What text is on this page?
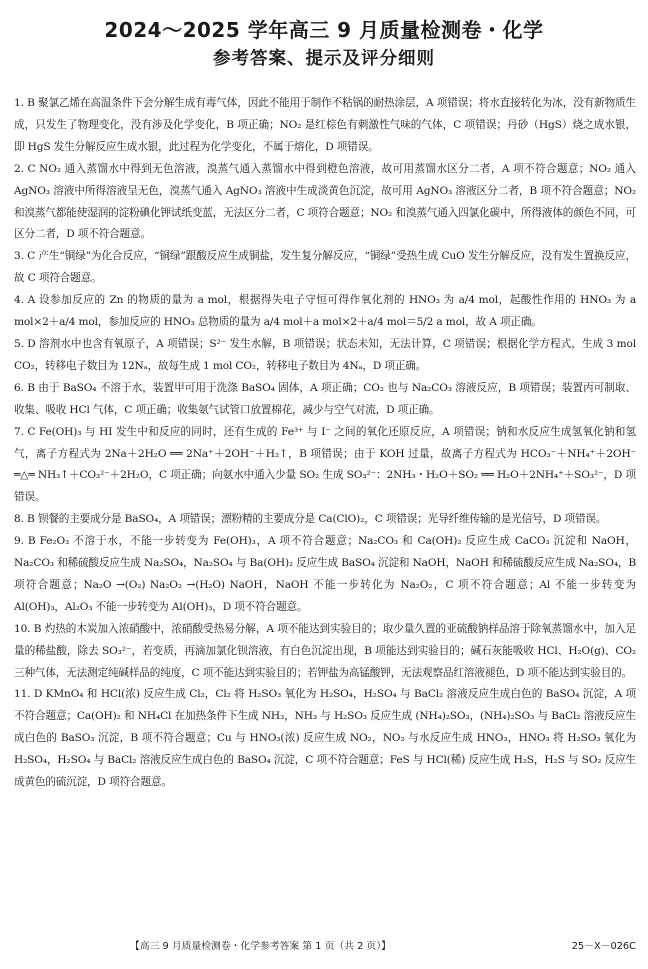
2024～2025 学年高三 9 月质量检测卷・化学
参考答案、提示及评分细则

1. B 聚氯乙烯在高温条件下会分解生成有毒气体，因此不能用于制作不粘锅的耐热涂层，A 项错误；将水直接转化为冰，没有新物质生成，只发生了物理变化，没有涉及化学变化，B 项正确；NO₂ 是红棕色有刺激性气味的气体，C 项错误；丹砂（HgS）烧之成水银，即 HgS 发生分解反应生成水银，此过程为化学变化，不属于熔化，D 项错误。

2. C NO₂ 通入蒸馏水中得到无色溶液，溴蒸气通入蒸馏水中得到橙色溶液，故可用蒸馏水区分二者，A 项不符合题意；NO₂ 通入 AgNO₃ 溶液中所得溶液呈无色，溴蒸气通入 AgNO₃ 溶液中生成淡黄色沉淀，故可用 AgNO₃ 溶液区分二者，B 项不符合题意；NO₂ 和溴蒸气都能使湿润的淀粉碘化钾试纸变蓝，无法区分二者，C 项符合题意；NO₂ 和溴蒸气通入四氯化碳中，所得液体的颜色不同，可区分二者，D 项不符合题意。

3. C 产生“铜绿”为化合反应，“铜绿”跟酸反应生成铜盐，发生复分解反应，“铜绿”受热生成 CuO 发生分解反应，没有发生置换反应，故 C 项符合题意。

4. A 设参加反应的 Zn 的物质的量为 a mol，根据得失电子守恒可得作氧化剂的 HNO₃ 为 a/4 mol，起酸性作用的 HNO₃ 为 a mol×2＋a/4 mol，参加反应的 HNO₃ 总物质的量为 a/4 mol＋a mol×2＋a/4 mol＝5/2 a mol，故 A 项正确。

5. D 溶剂水中也含有氧原子，A 项错误；S²⁻ 发生水解，B 项错误；状态未知，无法计算，C 项错误；根据化学方程式，生成 3 mol CO₂，转移电子数目为 12Nₐ，故每生成 1 mol CO₂，转移电子数目为 4Nₐ，D 项正确。

6. B 由于 BaSO₄ 不溶于水，装置甲可用于洗涤 BaSO₄ 固体，A 项正确；CO₂ 也与 Na₂CO₃ 溶液反应，B 项错误；装置丙可制取、收集、吸收 HCl 气体，C 项正确；收集氨气试管口放置棉花，减少与空气对流，D 项正确。

7. C Fe(OH)₃ 与 HI 发生中和反应的同时，还有生成的 Fe³⁺ 与 I⁻ 之间的氧化还原反应，A 项错误；钠和水反应生成氢氧化钠和氢气，离子方程式为 2Na＋2H₂O ══ 2Na⁺＋2OH⁻＋H₂↑，B 项错误；由于 KOH 过量，故离子方程式为 HCO₃⁻＋NH₄⁺＋2OH⁻ ═△═ NH₃↑＋CO₃²⁻＋2H₂O，C 项正确；向氨水中通入少量 SO₂ 生成 SO₃²⁻：2NH₃・H₂O＋SO₂ ══ H₂O＋2NH₄⁺＋SO₃²⁻，D 项错误。

8. B 钡餐的主要成分是 BaSO₄，A 项错误；漂粉精的主要成分是 Ca(ClO)₂，C 项错误；光导纤维传输的是光信号，D 项错误。

9. B Fe₂O₃ 不溶于水，不能一步转变为 Fe(OH)₃，A 项不符合题意；Na₂CO₃ 和 Ca(OH)₂ 反应生成 CaCO₃ 沉淀和 NaOH，Na₂CO₃ 和稀硫酸反应生成 Na₂SO₄，Na₂SO₄ 与 Ba(OH)₂ 反应生成 BaSO₄ 沉淀和 NaOH，NaOH 和稀硫酸反应生成 Na₂SO₄，B 项符合题意；Na₂O →(O₂) Na₂O₂ →(H₂O) NaOH，NaOH 不能一步转化为 Na₂O₂，C 项不符合题意；Al 不能一步转变为 Al(OH)₃，Al₂O₃ 不能一步转变为 Al(OH)₃，D 项不符合题意。

10. B 灼热的木炭加入浓硝酸中，浓硝酸受热易分解，A 项不能达到实验目的；取少量久置的亚硫酸钠样品溶于除氧蒸馏水中，加入足量的稀盐酸，除去 SO₃²⁻，若变质，再滴加氯化钡溶液，有白色沉淀出现，B 项能达到实验目的；碱石灰能吸收 HCl、H₂O(g)、CO₂ 三种气体，无法测定纯碱样品的纯度，C 项不能达到实验目的；若钾盐为高锰酸钾，无法观察品红溶液褪色，D 项不能达到实验目的。

11. D KMnO₄ 和 HCl(浓) 反应生成 Cl₂，Cl₂ 将 H₂SO₃ 氧化为 H₂SO₄，H₂SO₄ 与 BaCl₂ 溶液反应生成白色的 BaSO₄ 沉淀，A 项不符合题意；Ca(OH)₂ 和 NH₄Cl 在加热条件下生成 NH₃，NH₃ 与 H₂SO₃ 反应生成 (NH₄)₂SO₃，(NH₄)₂SO₃ 与 BaCl₂ 溶液反应生成白色的 BaSO₃ 沉淀，B 项不符合题意；Cu 与 HNO₃(浓) 反应生成 NO₂，NO₂ 与水反应生成 HNO₃，HNO₃ 将 H₂SO₃ 氧化为 H₂SO₄，H₂SO₄ 与 BaCl₂ 溶液反应生成白色的 BaSO₄ 沉淀，C 项不符合题意；FeS 与 HCl(稀) 反应生成 H₂S，H₂S 与 SO₂ 反应生成黄色的硫沉淀，D 项符合题意。

【高三 9 月质量检测卷・化学参考答案 第 1 页（共 2 页）】	25－X－026C
